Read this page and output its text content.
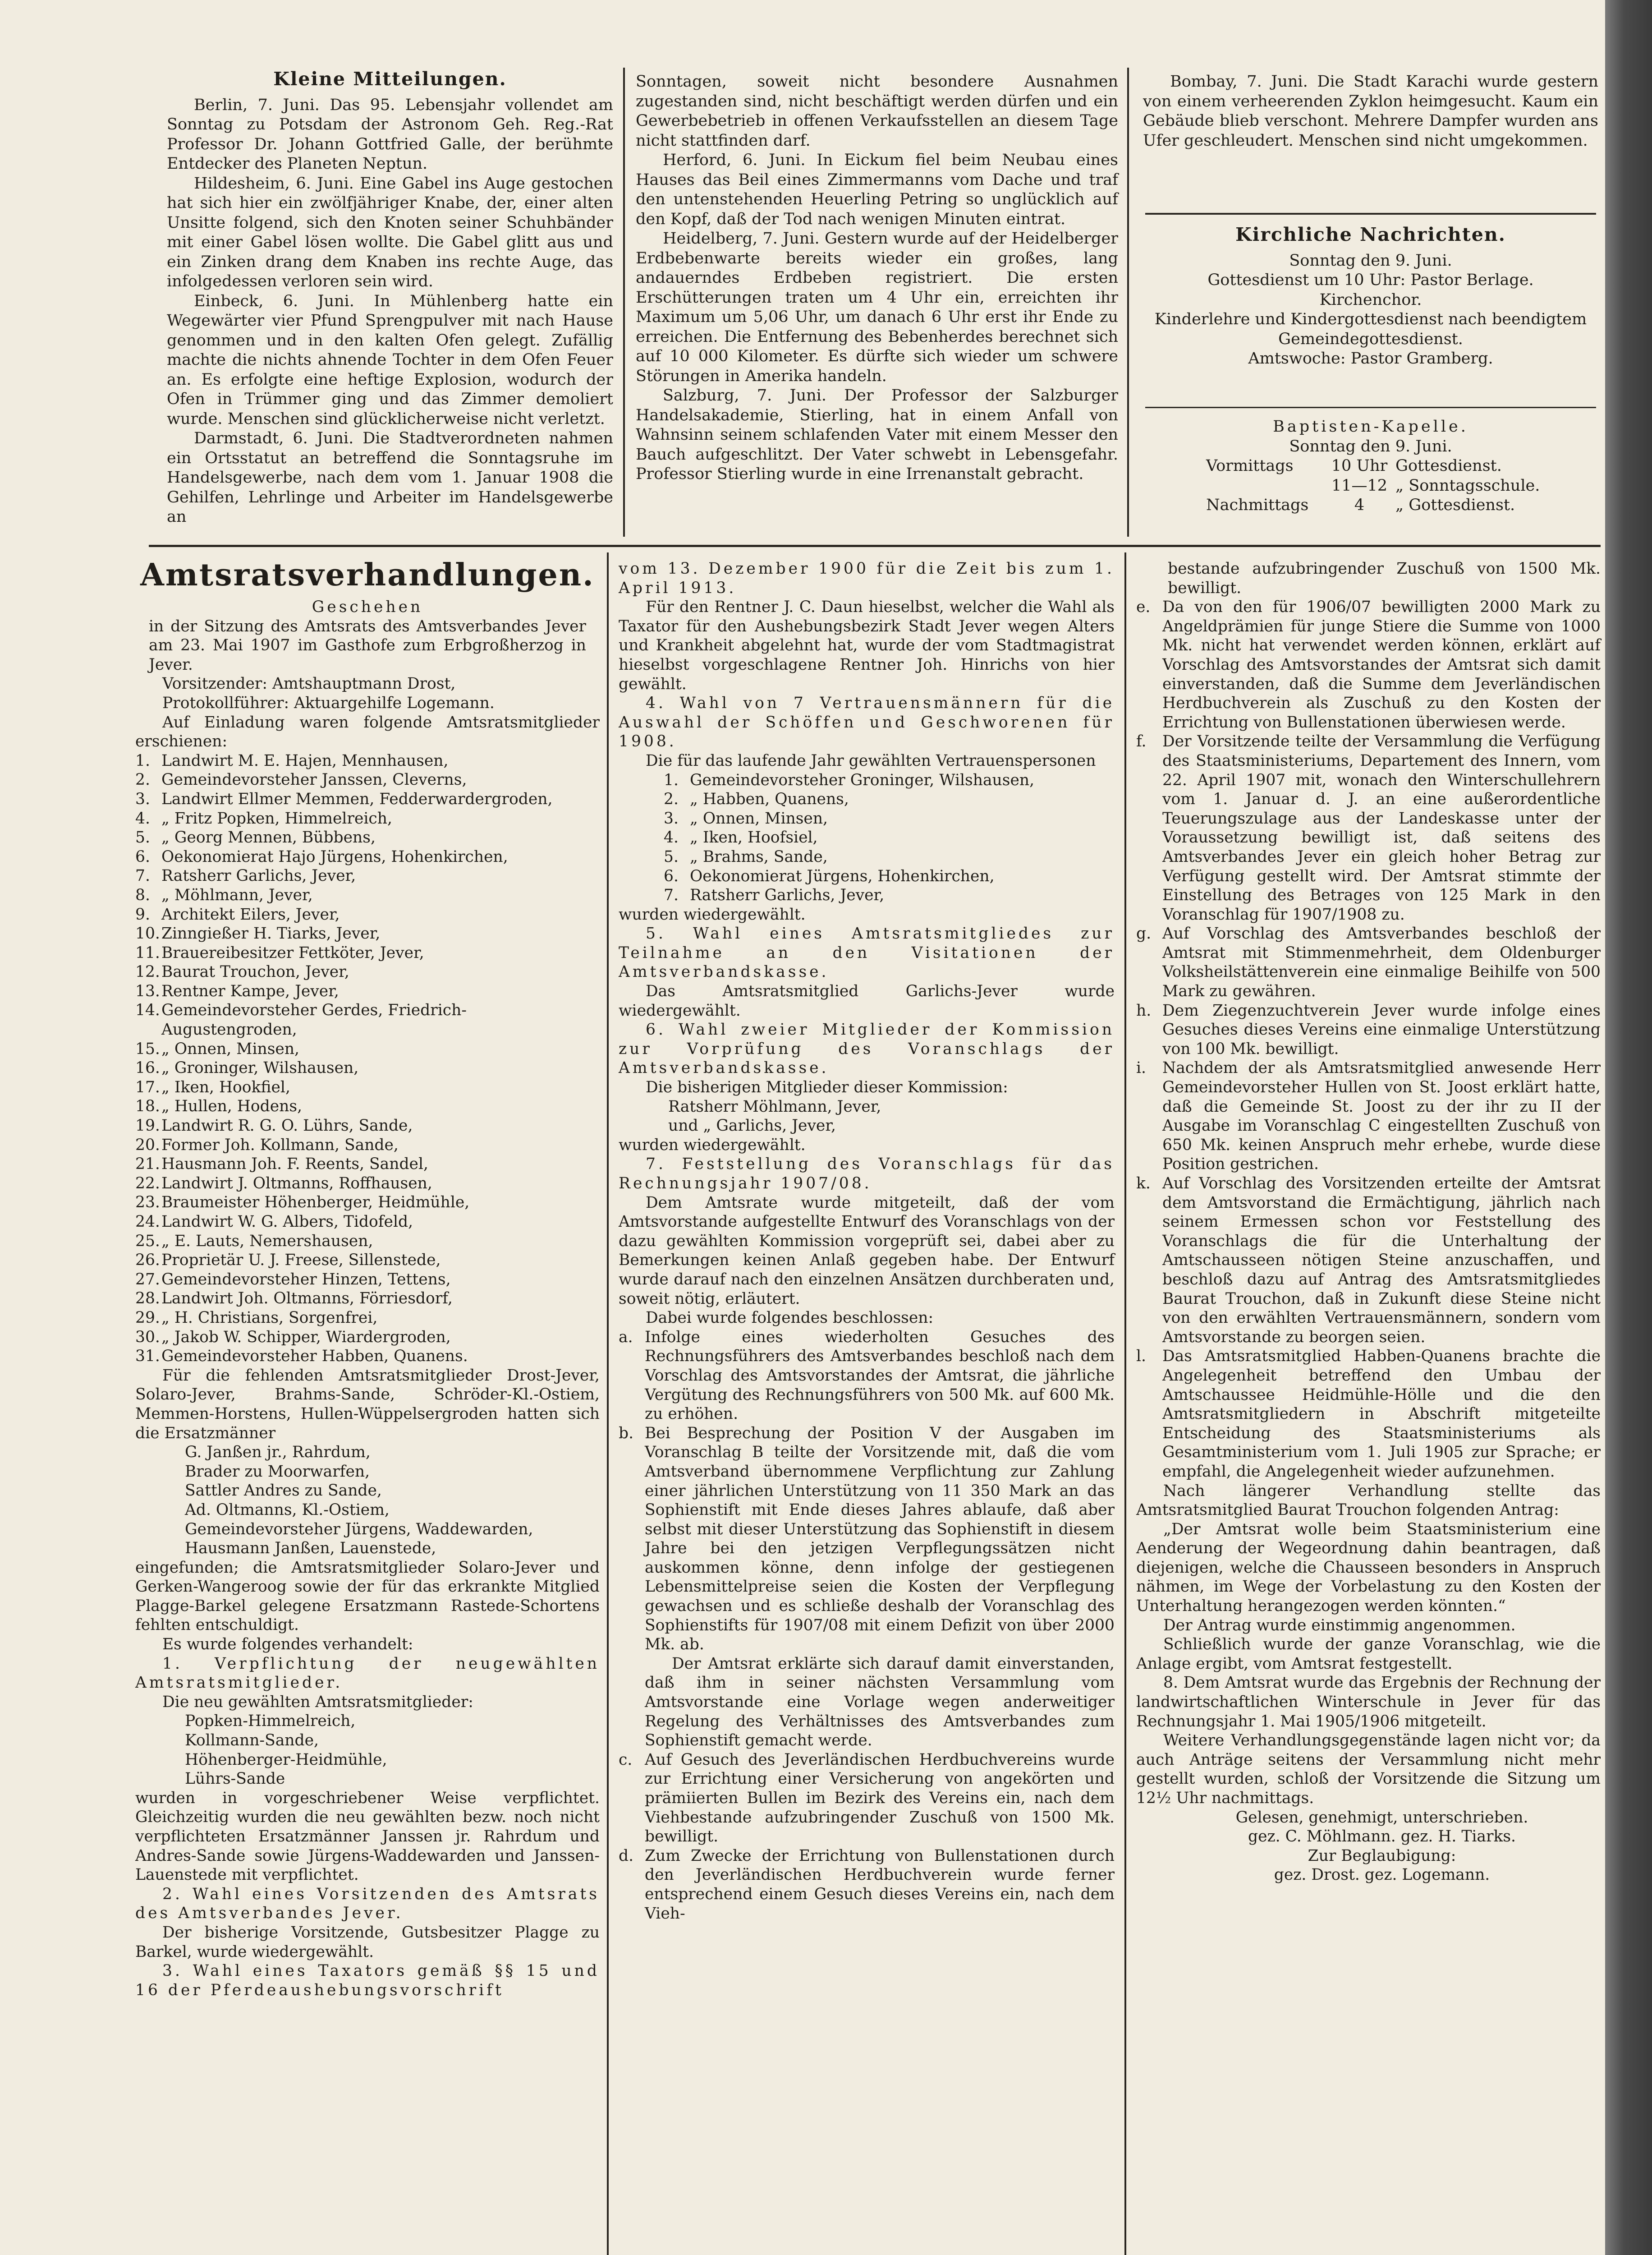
Kleine Mitteilungen.

Berlin, 7. Juni. Das 95. Lebensjahr vollendet am Sonntag zu Potsdam der Astronom Geh. Reg.-Rat Professor Dr. Johann Gottfried Galle, der berühmte Entdecker des Planeten Neptun.

Hildesheim, 6. Juni. Eine Gabel ins Auge gestochen hat sich hier ein zwölfjähriger Knabe, der, einer alten Unsitte folgend, sich den Knoten seiner Schuhbänder mit einer Gabel lösen wollte. Die Gabel glitt aus und ein Zinken drang dem Knaben ins rechte Auge, das infolgedessen verloren sein wird.

Einbeck, 6. Juni. In Mühlenberg hatte ein Wegewärter vier Pfund Sprengpulver mit nach Hause genommen und in den kalten Ofen gelegt. Zufällig machte die nichts ahnende Tochter in dem Ofen Feuer an. Es erfolgte eine heftige Explosion, wodurch der Ofen in Trümmer ging und das Zimmer demoliert wurde. Menschen sind glücklicherweise nicht verletzt.

Darmstadt, 6. Juni. Die Stadtverordneten nahmen ein Ortsstatut an betreffend die Sonntagsruhe im Handelsgewerbe, nach dem vom 1. Januar 1908 die Gehilfen, Lehrlinge und Arbeiter im Handelsgewerbe an

Sonntagen, soweit nicht besondere Ausnahmen zugestanden sind, nicht beschäftigt werden dürfen und ein Gewerbebetrieb in offenen Verkaufsstellen an diesem Tage nicht stattfinden darf.

Herford, 6. Juni. In Eickum fiel beim Neubau eines Hauses das Beil eines Zimmermanns vom Dache und traf den untenstehenden Heuerling Petring so unglücklich auf den Kopf, daß der Tod nach wenigen Minuten eintrat.

Heidelberg, 7. Juni. Gestern wurde auf der Heidelberger Erdbebenwarte bereits wieder ein großes, lang andauerndes Erdbeben registriert. Die ersten Erschütterungen traten um 4 Uhr ein, erreichten ihr Maximum um 5,06 Uhr, um danach 6 Uhr erst ihr Ende zu erreichen. Die Entfernung des Bebenherdes berechnet sich auf 10 000 Kilometer. Es dürfte sich wieder um schwere Störungen in Amerika handeln.

Salzburg, 7. Juni. Der Professor der Salzburger Handelsakademie, Stierling, hat in einem Anfall von Wahnsinn seinem schlafenden Vater mit einem Messer den Bauch aufgeschlitzt. Der Vater schwebt in Lebensgefahr. Professor Stierling wurde in eine Irrenanstalt gebracht.

Bombay, 7. Juni. Die Stadt Karachi wurde gestern von einem verheerenden Zyklon heimgesucht. Kaum ein Gebäude blieb verschont. Mehrere Dampfer wurden ans Ufer geschleudert. Menschen sind nicht umgekommen.

Kirchliche Nachrichten.

Sonntag den 9. Juni.

Gottesdienst um 10 Uhr: Pastor Berlage.

Kirchenchor.

Kinderlehre und Kindergottesdienst nach beendigtem Gemeindegottesdienst.

Amtswoche: Pastor Gramberg.

Baptisten-Kapelle.

Sonntag den 9. Juni.

Vormittags	10 Uhr	Gottesdienst.
	11—12	„ Sonntagsschule.
Nachmittags	4	„ Gottesdienst.

Amtsratsverhandlungen.

Geschehen

in der Sitzung des Amtsrats des Amtsverbandes Jever am 23. Mai 1907 im Gasthofe zum Erbgroßherzog in Jever.

Vorsitzender: Amtshauptmann Drost,

Protokollführer: Aktuargehilfe Logemann.

Auf Einladung waren folgende Amtsratsmitglieder erschienen:

1. Landwirt M. E. Hajen, Mennhausen,
2. Gemeindevorsteher Janssen, Cleverns,
3. Landwirt Ellmer Memmen, Fedderwardergroden,
4. „ Fritz Popken, Himmelreich,
5. „ Georg Mennen, Bübbens,
6. Oekonomierat Hajo Jürgens, Hohenkirchen,
7. Ratsherr Garlichs, Jever,
8. „ Möhlmann, Jever,
9. Architekt Eilers, Jever,
10.Zinngießer H. Tiarks, Jever,
11.Brauereibesitzer Fettköter, Jever,
12.Baurat Trouchon, Jever,
13.Rentner Kampe, Jever,
14.Gemeindevorsteher Gerdes, Friedrich-Augustengroden,
15.„ Onnen, Minsen,
16.„ Groninger, Wilshausen,
17.„ Iken, Hookfiel,
18.„ Hullen, Hodens,
19.Landwirt R. G. O. Lührs, Sande,
20.Former Joh. Kollmann, Sande,
21.Hausmann Joh. F. Reents, Sandel,
22.Landwirt J. Oltmanns, Roffhausen,
23.Braumeister Höhenberger, Heidmühle,
24.Landwirt W. G. Albers, Tidofeld,
25.„ E. Lauts, Nemershausen,
26.Proprietär U. J. Freese, Sillenstede,
27.Gemeindevorsteher Hinzen, Tettens,
28.Landwirt Joh. Oltmanns, Förriesdorf,
29.„ H. Christians, Sorgenfrei,
30.„ Jakob W. Schipper, Wiardergroden,
31.Gemeindevorsteher Habben, Quanens.

Für die fehlenden Amtsratsmitglieder Drost-Jever, Solaro-Jever, Brahms-Sande, Schröder-Kl.-Ostiem, Memmen-Horstens, Hullen-Wüppelsergroden hatten sich die Ersatzmänner

G. Janßen jr., Rahrdum,

Brader zu Moorwarfen,

Sattler Andres zu Sande,

Ad. Oltmanns, Kl.-Ostiem,

Gemeindevorsteher Jürgens, Waddewarden,

Hausmann Janßen, Lauenstede,

eingefunden; die Amtsratsmitglieder Solaro-Jever und Gerken-Wangeroog sowie der für das erkrankte Mitglied Plagge-Barkel gelegene Ersatzmann Rastede-Schortens fehlten entschuldigt.

Es wurde folgendes verhandelt:

1. Verpflichtung der neugewählten Amtsratsmitglieder.

Die neu gewählten Amtsratsmitglieder:

Popken-Himmelreich,

Kollmann-Sande,

Höhenberger-Heidmühle,

Lührs-Sande

wurden in vorgeschriebener Weise verpflichtet. Gleichzeitig wurden die neu gewählten bezw. noch nicht verpflichteten Ersatzmänner Janssen jr. Rahrdum und Andres-Sande sowie Jürgens-Waddewarden und Janssen-Lauenstede mit verpflichtet.

2. Wahl eines Vorsitzenden des Amtsrats des Amtsverbandes Jever.

Der bisherige Vorsitzende, Gutsbesitzer Plagge zu Barkel, wurde wiedergewählt.

3. Wahl eines Taxators gemäß §§ 15 und 16 der Pferdeaushebungsvorschrift

vom 13. Dezember 1900 für die Zeit bis zum 1. April 1913.

Für den Rentner J. C. Daun hieselbst, welcher die Wahl als Taxator für den Aushebungsbezirk Stadt Jever wegen Alters und Krankheit abgelehnt hat, wurde der vom Stadtmagistrat hieselbst vorgeschlagene Rentner Joh. Hinrichs von hier gewählt.

4. Wahl von 7 Vertrauensmännern für die Auswahl der Schöffen und Geschworenen für 1908.

Die für das laufende Jahr gewählten Vertrauenspersonen

1. Gemeindevorsteher Groninger, Wilshausen,
2. „ Habben, Quanens,
3. „ Onnen, Minsen,
4. „ Iken, Hoofsiel,
5. „ Brahms, Sande,
6. Oekonomierat Jürgens, Hohenkirchen,
7. Ratsherr Garlichs, Jever,

wurden wiedergewählt.

5. Wahl eines Amtsratsmitgliedes zur Teilnahme an den Visitationen der Amtsverbandskasse.

Das Amtsratsmitglied Garlichs-Jever wurde wiedergewählt.

6. Wahl zweier Mitglieder der Kommission zur Vorprüfung des Voranschlags der Amtsverbandskasse.

Die bisherigen Mitglieder dieser Kommission:

Ratsherr Möhlmann, Jever,

und „ Garlichs, Jever,

wurden wiedergewählt.

7. Feststellung des Voranschlags für das Rechnungsjahr 1907/08.

Dem Amtsrate wurde mitgeteilt, daß der vom Amtsvorstande aufgestellte Entwurf des Voranschlags von der dazu gewählten Kommission vorgeprüft sei, dabei aber zu Bemerkungen keinen Anlaß gegeben habe. Der Entwurf wurde darauf nach den einzelnen Ansätzen durchberaten und, soweit nötig, erläutert.

Dabei wurde folgendes beschlossen:

a. Infolge eines wiederholten Gesuches des Rechnungsführers des Amtsverbandes beschloß nach dem Vorschlag des Amtsvorstandes der Amtsrat, die jährliche Vergütung des Rechnungsführers von 500 Mk. auf 600 Mk. zu erhöhen.

b. Bei Besprechung der Position V der Ausgaben im Voranschlag B teilte der Vorsitzende mit, daß die vom Amtsverband übernommene Verpflichtung zur Zahlung einer jährlichen Unterstützung von 11 350 Mark an das Sophienstift mit Ende dieses Jahres ablaufe, daß aber selbst mit dieser Unterstützung das Sophienstift in diesem Jahre bei den jetzigen Verpflegungssätzen nicht auskommen könne, denn infolge der gestiegenen Lebensmittelpreise seien die Kosten der Verpflegung gewachsen und es schließe deshalb der Voranschlag des Sophienstifts für 1907/08 mit einem Defizit von über 2000 Mk. ab.

Der Amtsrat erklärte sich darauf damit einverstanden, daß ihm in seiner nächsten Versammlung vom Amtsvorstande eine Vorlage wegen anderweitiger Regelung des Verhältnisses des Amtsverbandes zum Sophienstift gemacht werde.

c. Auf Gesuch des Jeverländischen Herdbuchvereins wurde zur Errichtung einer Versicherung von angekörten und prämiierten Bullen im Bezirk des Vereins ein, nach dem Viehbestande aufzubringender Zuschuß von 1500 Mk. bewilligt.

d. Zum Zwecke der Errichtung von Bullenstationen durch den Jeverländischen Herdbuchverein wurde ferner entsprechend einem Gesuch dieses Vereins ein, nach dem Vieh-

bestande aufzubringender Zuschuß von 1500 Mk. bewilligt.

e. Da von den für 1906/07 bewilligten 2000 Mark zu Angeldprämien für junge Stiere die Summe von 1000 Mk. nicht hat verwendet werden können, erklärt auf Vorschlag des Amtsvorstandes der Amtsrat sich damit einverstanden, daß die Summe dem Jeverländischen Herdbuchverein als Zuschuß zu den Kosten der Errichtung von Bullenstationen überwiesen werde.

f. Der Vorsitzende teilte der Versammlung die Verfügung des Staatsministeriums, Departement des Innern, vom 22. April 1907 mit, wonach den Winterschullehrern vom 1. Januar d. J. an eine außerordentliche Teuerungszulage aus der Landeskasse unter der Voraussetzung bewilligt ist, daß seitens des Amtsverbandes Jever ein gleich hoher Betrag zur Verfügung gestellt wird. Der Amtsrat stimmte der Einstellung des Betrages von 125 Mark in den Voranschlag für 1907/1908 zu.

g. Auf Vorschlag des Amtsverbandes beschloß der Amtsrat mit Stimmenmehrheit, dem Oldenburger Volksheilstättenverein eine einmalige Beihilfe von 500 Mark zu gewähren.

h. Dem Ziegenzuchtverein Jever wurde infolge eines Gesuches dieses Vereins eine einmalige Unterstützung von 100 Mk. bewilligt.

i. Nachdem der als Amtsratsmitglied anwesende Herr Gemeindevorsteher Hullen von St. Joost erklärt hatte, daß die Gemeinde St. Joost zu der ihr zu II der Ausgabe im Voranschlag C eingestellten Zuschuß von 650 Mk. keinen Anspruch mehr erhebe, wurde diese Position gestrichen.

k. Auf Vorschlag des Vorsitzenden erteilte der Amtsrat dem Amtsvorstand die Ermächtigung, jährlich nach seinem Ermessen schon vor Feststellung des Voranschlags die für die Unterhaltung der Amtschausseen nötigen Steine anzuschaffen, und beschloß dazu auf Antrag des Amtsratsmitgliedes Baurat Trouchon, daß in Zukunft diese Steine nicht von den erwählten Vertrauensmännern, sondern vom Amtsvorstande zu beorgen seien.

l. Das Amtsratsmitglied Habben-Quanens brachte die Angelegenheit betreffend den Umbau der Amtschaussee Heidmühle-Hölle und die den Amtsratsmitgliedern in Abschrift mitgeteilte Entscheidung des Staatsministeriums als Gesamtministerium vom 1. Juli 1905 zur Sprache; er empfahl, die Angelegenheit wieder aufzunehmen.

Nach längerer Verhandlung stellte das Amtsratsmitglied Baurat Trouchon folgenden Antrag:

„Der Amtsrat wolle beim Staatsministerium eine Aenderung der Wegeordnung dahin beantragen, daß diejenigen, welche die Chausseen besonders in Anspruch nähmen, im Wege der Vorbelastung zu den Kosten der Unterhaltung herangezogen werden könnten.“

Der Antrag wurde einstimmig angenommen.

Schließlich wurde der ganze Voranschlag, wie die Anlage ergibt, vom Amtsrat festgestellt.

8. Dem Amtsrat wurde das Ergebnis der Rechnung der landwirtschaftlichen Winterschule in Jever für das Rechnungsjahr 1. Mai 1905/1906 mitgeteilt.

Weitere Verhandlungsgegenstände lagen nicht vor; da auch Anträge seitens der Versammlung nicht mehr gestellt wurden, schloß der Vorsitzende die Sitzung um 12½ Uhr nachmittags.

Gelesen, genehmigt, unterschrieben.

gez. C. Möhlmann. gez. H. Tiarks.

Zur Beglaubigung:

gez. Drost. gez. Logemann.
